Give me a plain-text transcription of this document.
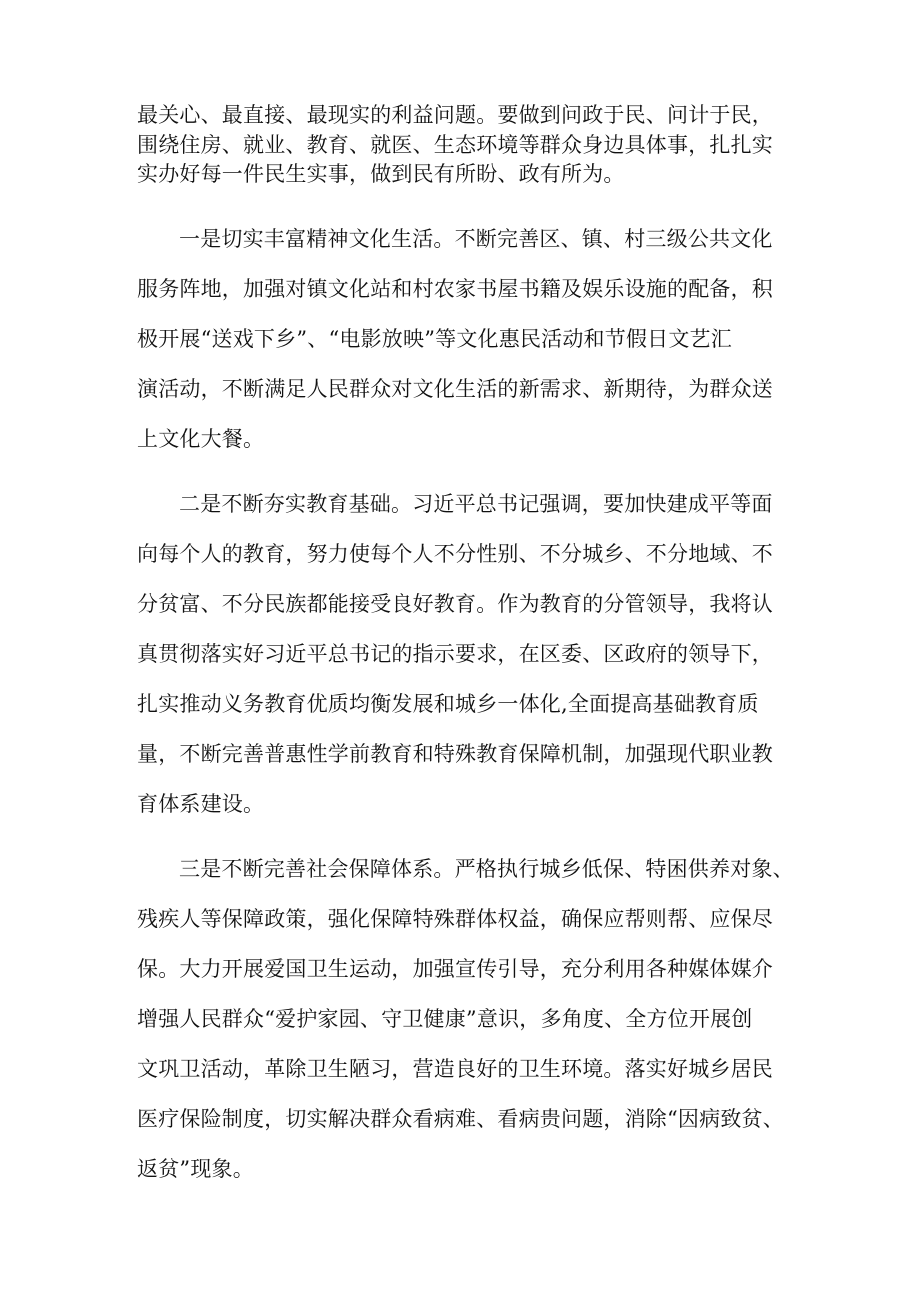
最关心、最直接、最现实的利益问题。要做到问政于民、问计于民，
围绕住房、就业、教育、就医、生态环境等群众身边具体事，扎扎实
实办好每一件民生实事，做到民有所盼、政有所为。
一是切实丰富精神文化生活。不断完善区、镇、村三级公共文化
服务阵地，加强对镇文化站和村农家书屋书籍及娱乐设施的配备，积
极开展“送戏下乡”、“电影放映”等文化惠民活动和节假日文艺汇
演活动，不断满足人民群众对文化生活的新需求、新期待，为群众送
上文化大餐。
二是不断夯实教育基础。习近平总书记强调，要加快建成平等面
向每个人的教育，努力使每个人不分性别、不分城乡、不分地域、不
分贫富、不分民族都能接受良好教育。作为教育的分管领导，我将认
真贯彻落实好习近平总书记的指示要求，在区委、区政府的领导下，
扎实推动义务教育优质均衡发展和城乡一体化,全面提高基础教育质
量，不断完善普惠性学前教育和特殊教育保障机制，加强现代职业教
育体系建设。
三是不断完善社会保障体系。严格执行城乡低保、特困供养对象、
残疾人等保障政策，强化保障特殊群体权益，确保应帮则帮、应保尽
保。大力开展爱国卫生运动，加强宣传引导，充分利用各种媒体媒介
增强人民群众“爱护家园、守卫健康”意识，多角度、全方位开展创
文巩卫活动，革除卫生陋习，营造良好的卫生环境。落实好城乡居民
医疗保险制度，切实解决群众看病难、看病贵问题，消除“因病致贫、
返贫”现象。
